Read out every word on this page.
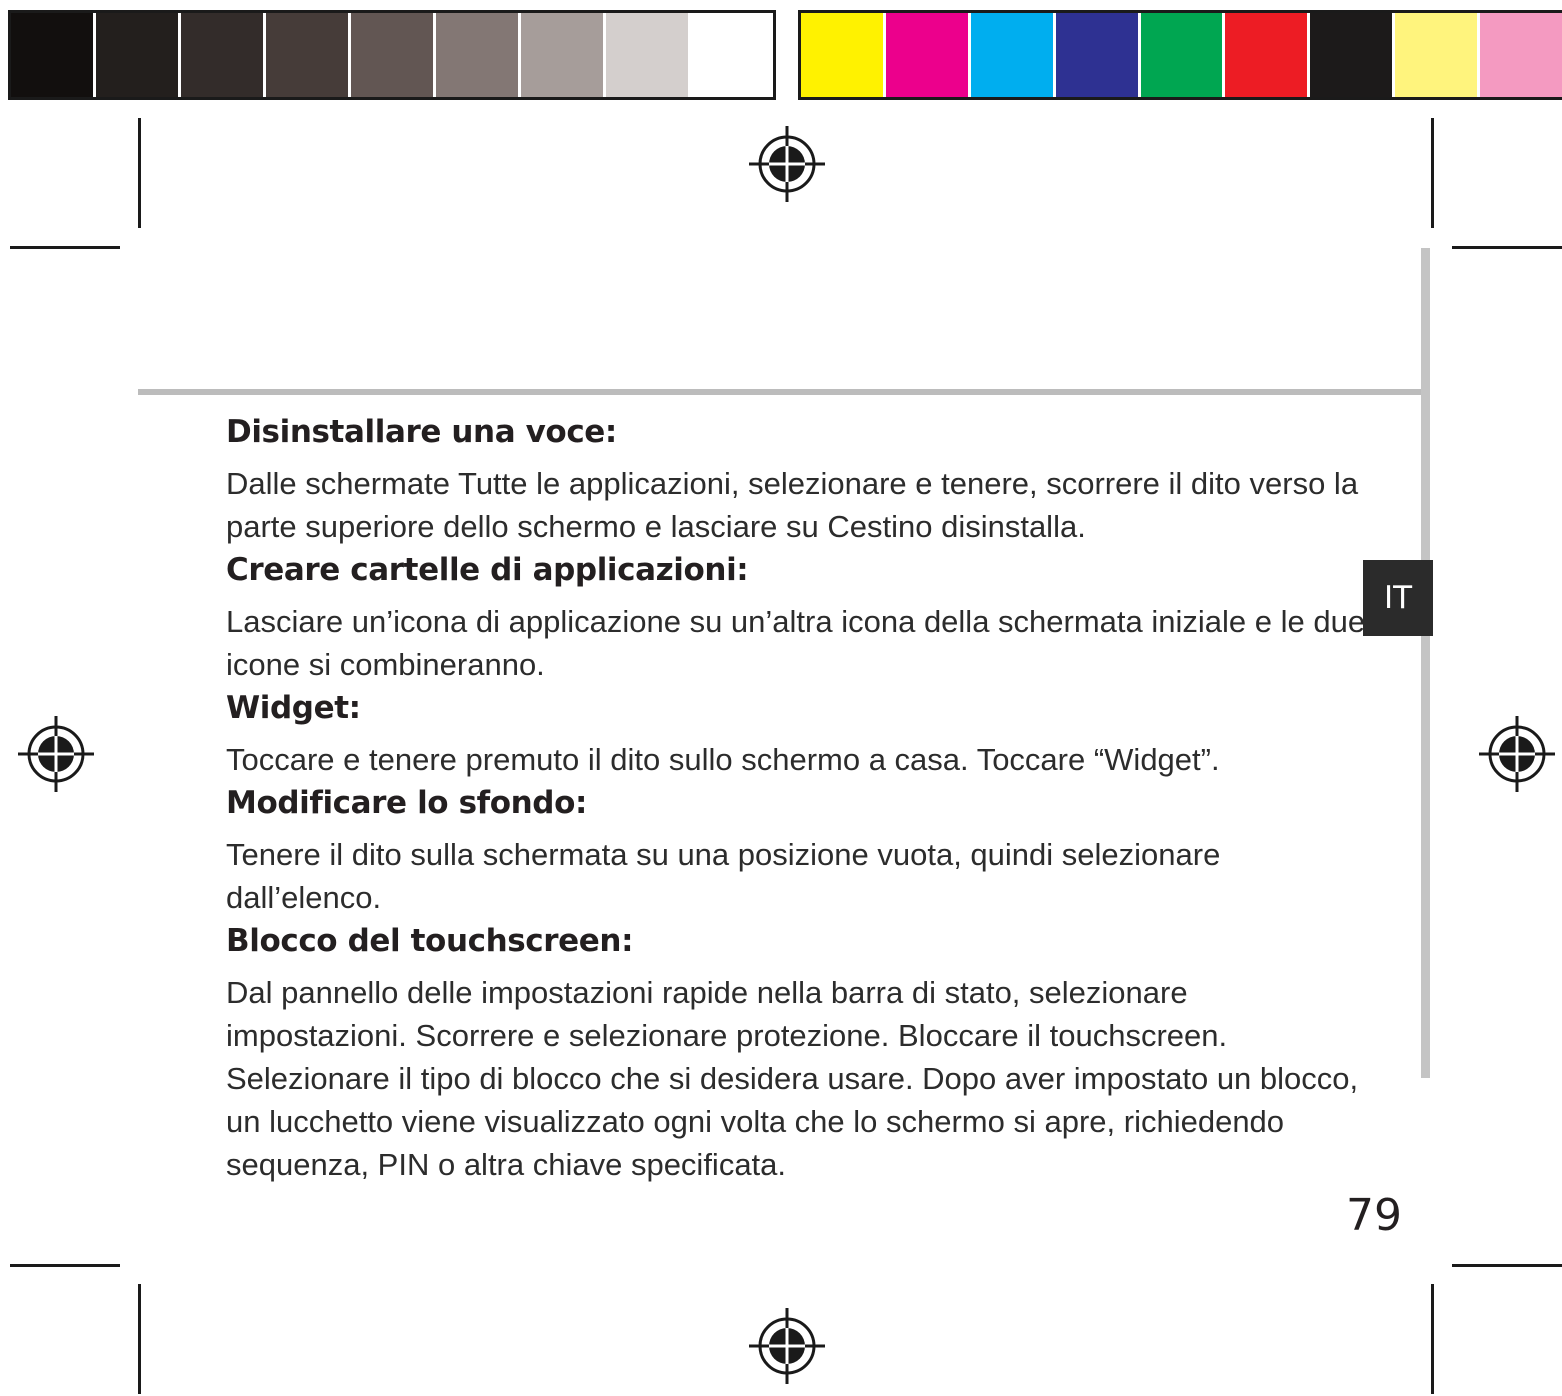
IT
Disinstallare una voce:

Dalle schermate Tutte le applicazioni, selezionare e tenere, scorrere il dito verso la parte superiore dello schermo e lasciare su Cestino disinstalla.

Creare cartelle di applicazioni:

Lasciare un’icona di applicazione su un’altra icona della schermata iniziale e le due icone si combineranno.

Widget:

Toccare e tenere premuto il dito sullo schermo a casa. Toccare “Widget”.

Modificare lo sfondo:

Tenere il dito sulla schermata su una posizione vuota, quindi selezionare dall’elenco.

Blocco del touchscreen:

Dal pannello delle impostazioni rapide nella barra di stato, selezionare impostazioni. Scorrere e selezionare protezione. Bloccare il touchscreen. Selezionare il tipo di blocco che si desidera usare. Dopo aver impostato un blocco, un lucchetto viene visualizzato ogni volta che lo schermo si apre, richiedendo sequenza, PIN o altra chiave specificata.

79
